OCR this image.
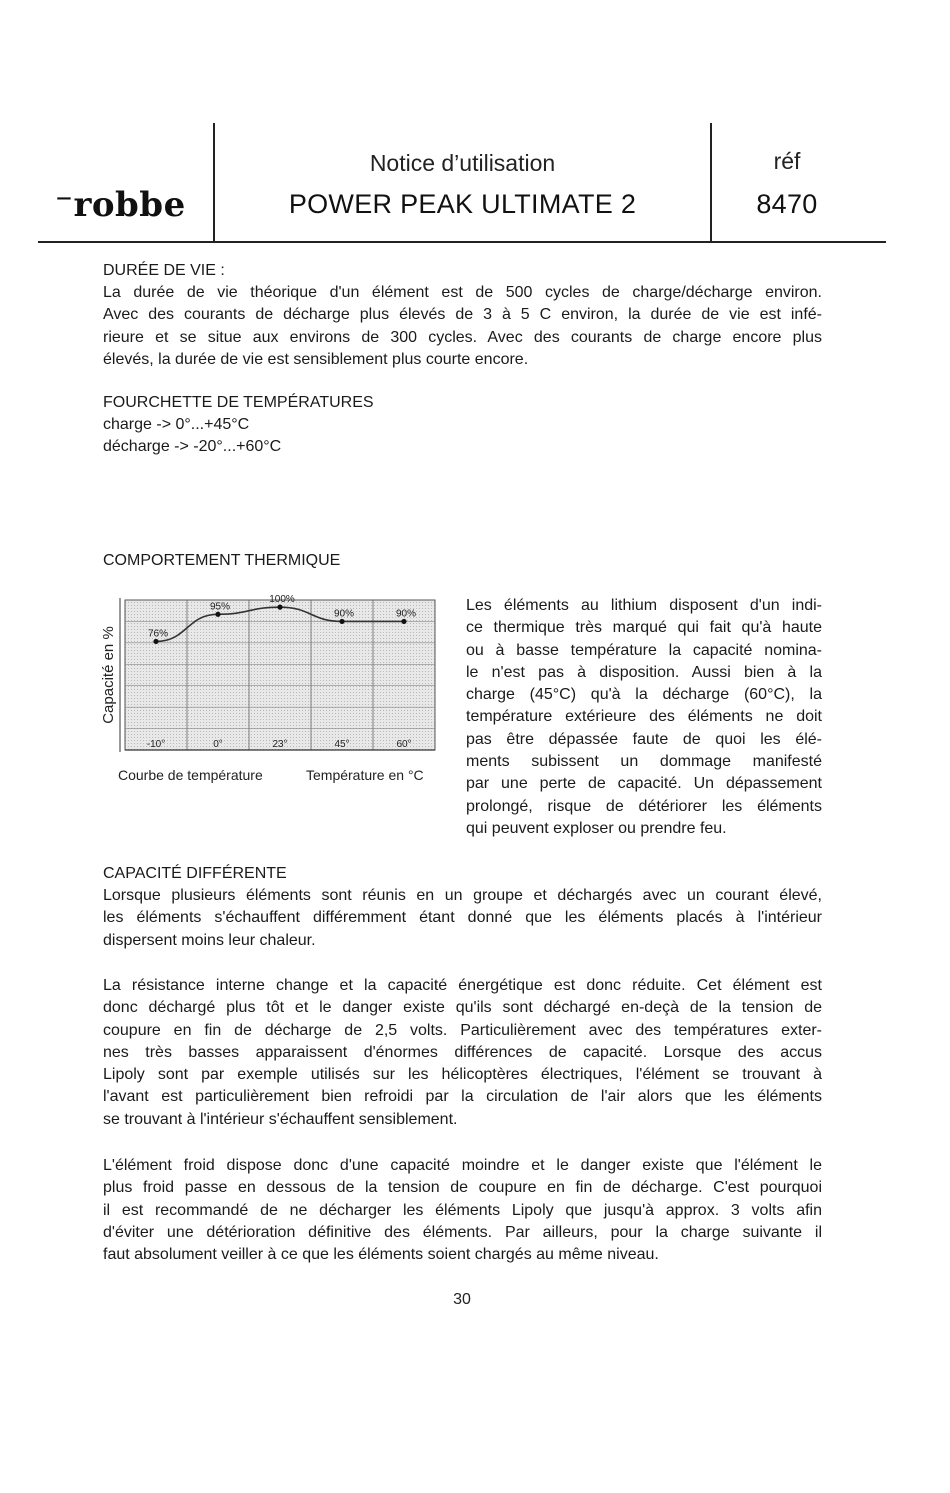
⁻robbe
Notice d’utilisation
POWER PEAK ULTIMATE 2
réf
8470
DURÉE DE VIE :
La durée de vie théorique d'un élément est de 500 cycles de charge/décharge environ.
Avec des courants de décharge plus élevés de 3 à 5 C environ, la durée de vie est infé-
rieure et se situe aux environs de 300 cycles. Avec des courants de charge encore plus
élevés, la durée de vie est sensiblement plus courte encore.
FOURCHETTE DE TEMPÉRATURES
charge -> 0°...+45°C
décharge -> -20°...+60°C
COMPORTEMENT THERMIQUE
Capacité en %	76%
95%
100%
90%	90%
-10°	0°	23°	45°	60°
Courbe de température	Température en °C
Les éléments au lithium disposent d'un indi-
ce thermique très marqué qui fait qu'à haute
ou à basse température la capacité nomina-
le n'est pas à disposition. Aussi bien à la
charge (45°C) qu'à la décharge (60°C), la
température extérieure des éléments ne doit
pas être dépassée faute de quoi les élé-
ments subissent un dommage manifesté
par une perte de capacité. Un dépassement
prolongé, risque de détériorer les éléments
qui peuvent exploser ou prendre feu.
CAPACITÉ DIFFÉRENTE
Lorsque plusieurs éléments sont réunis en un groupe et déchargés avec un courant élevé,
les éléments s'échauffent différemment étant donné que les éléments placés à l'intérieur
dispersent moins leur chaleur.
La résistance interne change et la capacité énergétique est donc réduite. Cet élément est
donc déchargé plus tôt et le danger existe qu'ils sont déchargé en-deçà de la tension de
coupure en fin de décharge de 2,5 volts. Particulièrement avec des températures exter-
nes très basses apparaissent d'énormes différences de capacité. Lorsque des accus
Lipoly sont par exemple utilisés sur les hélicoptères électriques, l'élément se trouvant à
l'avant est particulièrement bien refroidi par la circulation de l'air alors que les éléments
se trouvant à l'intérieur s'échauffent sensiblement.
L'élément froid dispose donc d'une capacité moindre et le danger existe que l'élément le
plus froid passe en dessous de la tension de coupure en fin de décharge. C'est pourquoi
il est recommandé de ne décharger les éléments Lipoly que jusqu'à approx. 3 volts afin
d'éviter une détérioration définitive des éléments. Par ailleurs, pour la charge suivante il
faut absolument veiller à ce que les éléments soient chargés au même niveau.
30
